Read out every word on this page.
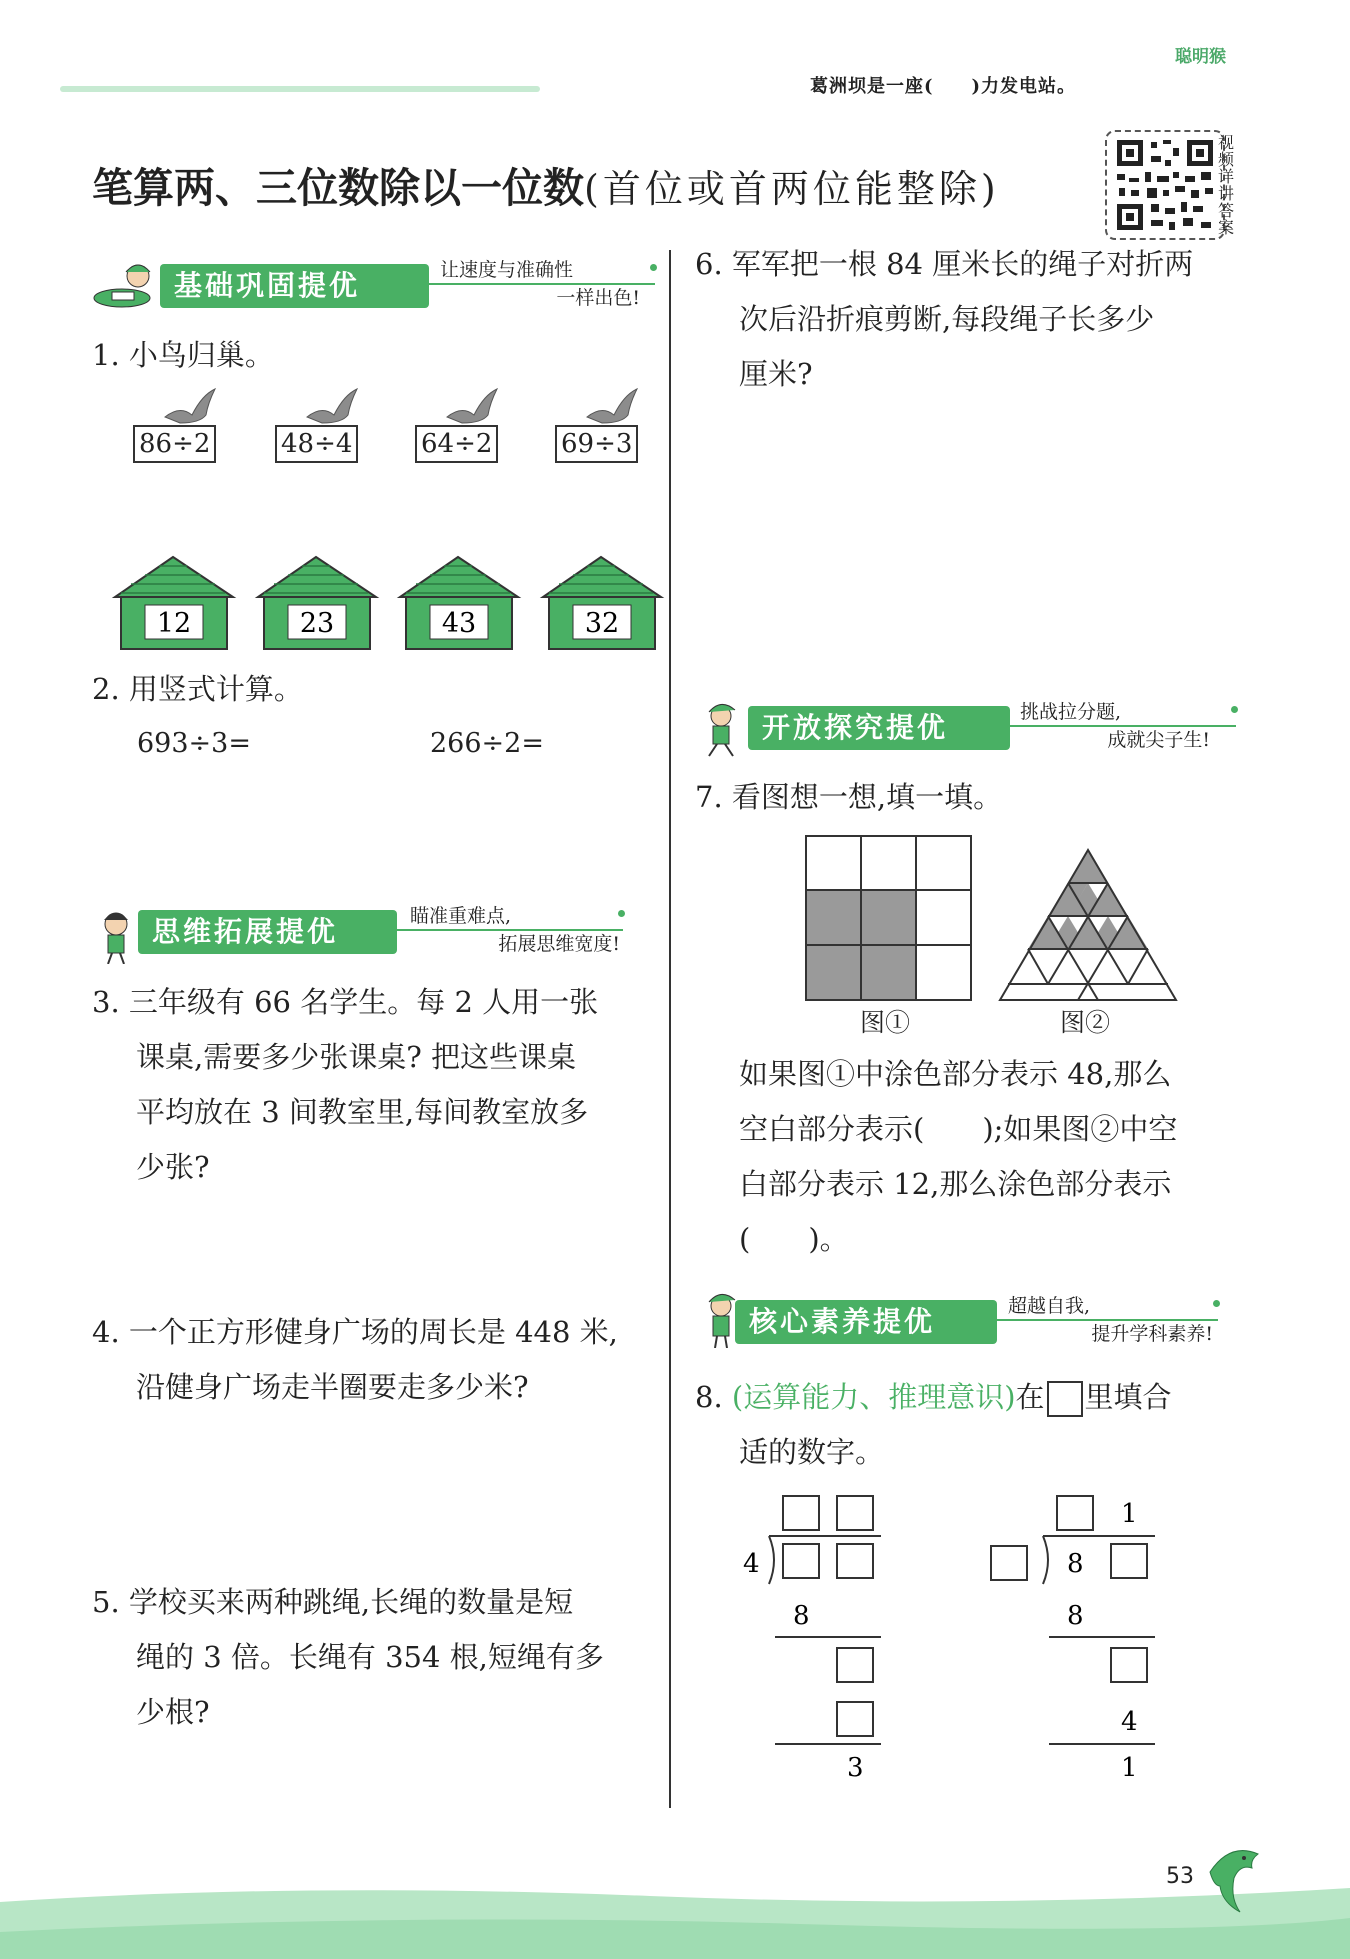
葛洲坝是一座(　　)力发电站。
聪明猴
笔算两、三位数除以一位数(首位或首两位能整除)
视频详讲答案
基础巩固提优	让速度与准确性
一样出色!
1. 小鸟归巢。
86÷2	48÷4	64÷2	69÷3
12	23	43	32
2. 用竖式计算。
693÷3=	266÷2=
思维拓展提优	瞄准重难点,
拓展思维宽度!
3. 三年级有 66 名学生。每 2 人用一张
课桌,需要多少张课桌? 把这些课桌
平均放在 3 间教室里,每间教室放多
少张?
4. 一个正方形健身广场的周长是 448 米,
沿健身广场走半圈要走多少米?
5. 学校买来两种跳绳,长绳的数量是短
绳的 3 倍。长绳有 354 根,短绳有多
少根?
6. 军军把一根 84 厘米长的绳子对折两
次后沿折痕剪断,每段绳子长多少
厘米?
开放探究提优	挑战拉分题,
成就尖子生!
7. 看图想一想,填一填。
图①	图②
如果图①中涂色部分表示 48,那么
空白部分表示(　　);如果图②中空
白部分表示 12,那么涂色部分表示
(　　)。
核心素养提优	超越自我,
提升学科素养!
8. (运算能力、推理意识)在 里填合
适的数字。
4
8
3
1
8
8
4
1
53
